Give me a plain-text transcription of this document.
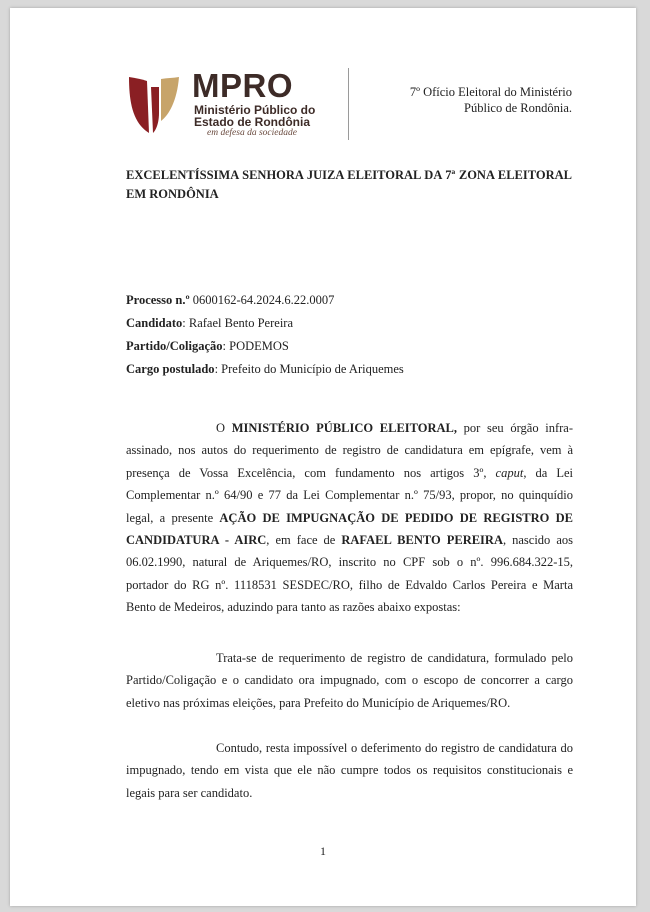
MPRO
Ministério Público do
Estado de Rondônia
em defesa da sociedade
7º Ofício Eleitoral do Ministério
Público de Rondônia.
EXCELENTÍSSIMA SENHORA JUIZA ELEITORAL DA 7ª ZONA ELEITORAL EM RONDÔNIA
Processo n.º 0600162-64.2024.6.22.0007
Candidato: Rafael Bento Pereira
Partido/Coligação: PODEMOS
Cargo postulado: Prefeito do Município de Ariquemes
O MINISTÉRIO PÚBLICO ELEITORAL, por seu órgão infra-assinado, nos autos do requerimento de registro de candidatura em epígrafe, vem à presença de Vossa Excelência, com fundamento nos artigos 3º, caput, da Lei Complementar n.º 64/90 e 77 da Lei Complementar n.º 75/93, propor, no quinquídio legal, a presente AÇÃO DE IMPUGNAÇÃO DE PEDIDO DE REGISTRO DE CANDIDATURA - AIRC, em face de RAFAEL BENTO PEREIRA, nascido aos 06.02.1990, natural de Ariquemes/RO, inscrito no CPF sob o nº. 996.684.322-15, portador do RG nº. 1118531 SESDEC/RO, filho de Edvaldo Carlos Pereira e Marta Bento de Medeiros, aduzindo para tanto as razões abaixo expostas:
Trata-se de requerimento de registro de candidatura, formulado pelo Partido/Coligação e o candidato ora impugnado, com o escopo de concorrer a cargo eletivo nas próximas eleições, para Prefeito do Município de Ariquemes/RO.
Contudo, resta impossível o deferimento do registro de candidatura do impugnado, tendo em vista que ele não cumpre todos os requisitos constitucionais e legais para ser candidato.
1
